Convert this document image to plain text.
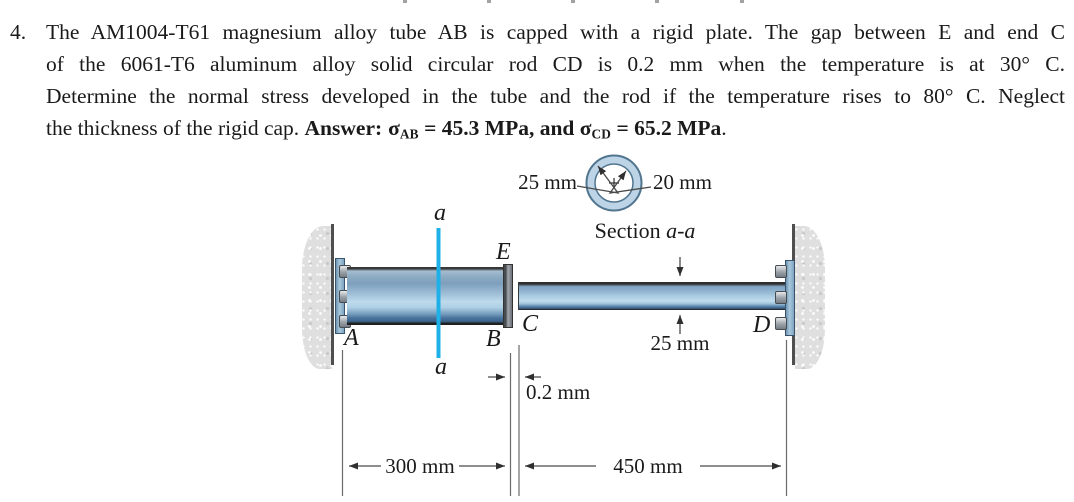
4. The AM1004-T61 magnesium alloy tube AB is capped with a rigid plate. The gap between E and end C
of the 6061-T6 aluminum alloy solid circular rod CD is 0.2 mm when the temperature is at 30° C.
Determine the normal stress developed in the tube and the rod if the temperature rises to 80° C. Neglect
the thickness of the rigid cap. Answer: $\sigma_{AB} = 45.3$ MPa, and $\sigma_{CD} = 65.2$ MPa.
25 mm	20 mm
Section a-a
a
a
E
A	B
C	D
25 mm
0.2 mm
300 mm	450 mm
